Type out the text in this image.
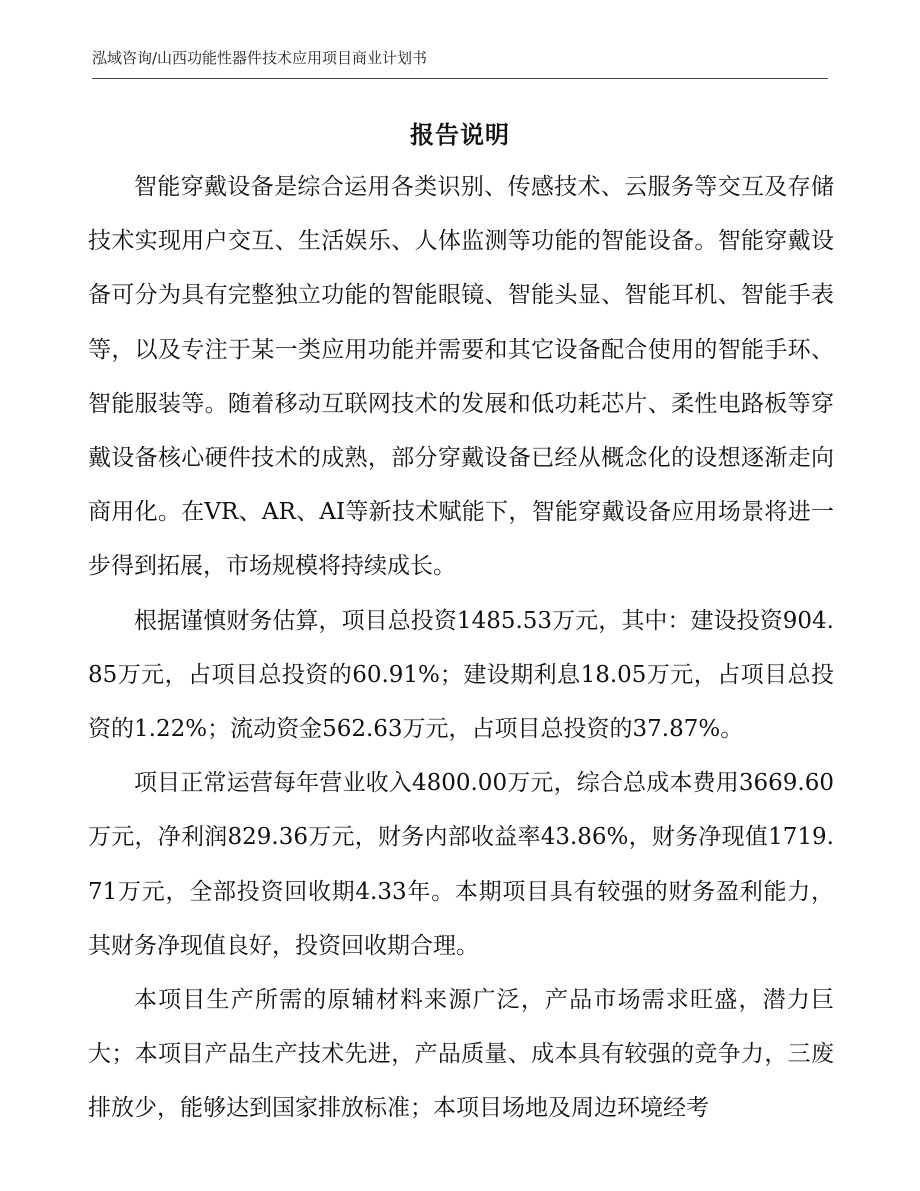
泓域咨询/山西功能性器件技术应用项目商业计划书
报告说明

智能穿戴设备是综合运用各类识别、传感技术、云服务等交互及存储技术实现用户交互、生活娱乐、人体监测等功能的智能设备。智能穿戴设备可分为具有完整独立功能的智能眼镜、智能头显、智能耳机、智能手表等，以及专注于某一类应用功能并需要和其它设备配合使用的智能手环、智能服装等。随着移动互联网技术的发展和低功耗芯片、柔性电路板等穿戴设备核心硬件技术的成熟，部分穿戴设备已经从概念化的设想逐渐走向商用化。在VR、AR、AI等新技术赋能下，智能穿戴设备应用场景将进一步得到拓展，市场规模将持续成长。

根据谨慎财务估算，项目总投资1485.53万元，其中：建设投资904.85万元，占项目总投资的60.91%；建设期利息18.05万元，占项目总投资的1.22%；流动资金562.63万元，占项目总投资的37.87%。

项目正常运营每年营业收入4800.00万元，综合总成本费用3669.60万元，净利润829.36万元，财务内部收益率43.86%，财务净现值1719.71万元，全部投资回收期4.33年。本期项目具有较强的财务盈利能力，其财务净现值良好，投资回收期合理。

本项目生产所需的原辅材料来源广泛，产品市场需求旺盛，潜力巨大；本项目产品生产技术先进，产品质量、成本具有较强的竞争力，三废排放少，能够达到国家排放标准；本项目场地及周边环境经考
